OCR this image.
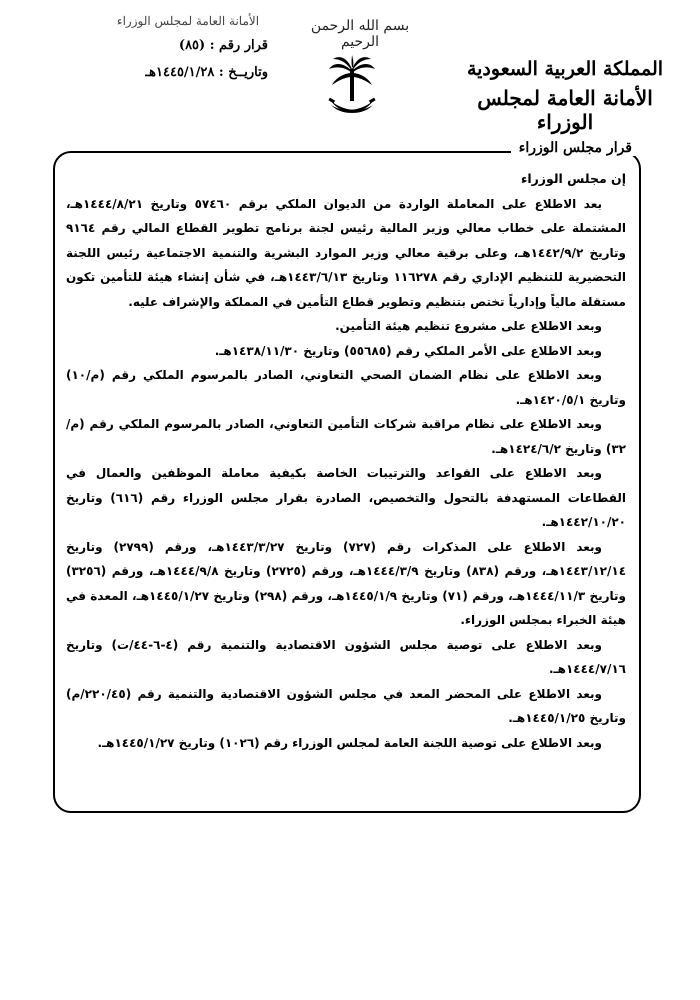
الأمانة العامة لمجلس الوزراء
قرار رقم : (٨٥)
وتاريــخ : ١٤٤٥/١/٢٨هـ
بسم الله الرحمن الرحيم
المملكة العربية السعودية
الأمانة العامة لمجلس الوزراء
قرار مجلس الوزراء
إن مجلس الوزراء

بعد الاطلاع على المعاملة الواردة من الديوان الملكي برقم ٥٧٤٦٠ وتاريخ ١٤٤٤/٨/٢١هـ، المشتملة على خطاب معالي وزير المالية رئيس لجنة برنامج تطوير القطاع المالي رقم ٩١٦٤ وتاريخ ١٤٤٢/٩/٢هـ، وعلى برقية معالي وزير الموارد البشرية والتنمية الاجتماعية رئيس اللجنة التحضيرية للتنظيم الإداري رقم ١١٦٢٧٨ وتاريخ ١٤٤٣/٦/١٣هـ، في شأن إنشاء هيئة للتأمين تكون مستقلة مالياً وإدارياً تختص بتنظيم وتطوير قطاع التأمين في المملكة والإشراف عليه.

وبعد الاطلاع على مشروع تنظيم هيئة التأمين.

وبعد الاطلاع على الأمر الملكي رقم (٥٥٦٨٥) وتاريخ ١٤٣٨/١١/٣٠هـ.

وبعد الاطلاع على نظام الضمان الصحي التعاوني، الصادر بالمرسوم الملكي رقم (م/١٠) وتاريخ ١٤٢٠/٥/١هـ.

وبعد الاطلاع على نظام مراقبة شركات التأمين التعاوني، الصادر بالمرسوم الملكي رقم (م/٣٢) وتاريخ ١٤٢٤/٦/٢هـ.

وبعد الاطلاع على القواعد والترتيبات الخاصة بكيفية معاملة الموظفين والعمال في القطاعات المستهدفة بالتحول والتخصيص، الصادرة بقرار مجلس الوزراء رقم (٦١٦) وتاريخ ١٤٤٢/١٠/٢٠هـ.

وبعد الاطلاع على المذكرات رقم (٧٢٧) وتاريخ ١٤٤٣/٣/٢٧هـ، ورقم (٢٧٩٩) وتاريخ ١٤٤٣/١٢/١٤هـ، ورقم (٨٣٨) وتاريخ ١٤٤٤/٣/٩هـ، ورقم (٢٧٢٥) وتاريخ ١٤٤٤/٩/٨هـ، ورقم (٣٢٥٦) وتاريخ ١٤٤٤/١١/٣هـ، ورقم (٧١) وتاريخ ١٤٤٥/١/٩هـ، ورقم (٢٩٨) وتاريخ ١٤٤٥/١/٢٧هـ، المعدة في هيئة الخبراء بمجلس الوزراء.

وبعد الاطلاع على توصية مجلس الشؤون الاقتصادية والتنمية رقم (٤-٦-٤٤/ت) وتاريخ ١٤٤٤/٧/١٦هـ.

وبعد الاطلاع على المحضر المعد في مجلس الشؤون الاقتصادية والتنمية رقم (٢٢٠/٤٥/م) وتاريخ ١٤٤٥/١/٢٥هـ.

وبعد الاطلاع على توصية اللجنة العامة لمجلس الوزراء رقم (١٠٢٦) وتاريخ ١٤٤٥/١/٢٧هـ.
